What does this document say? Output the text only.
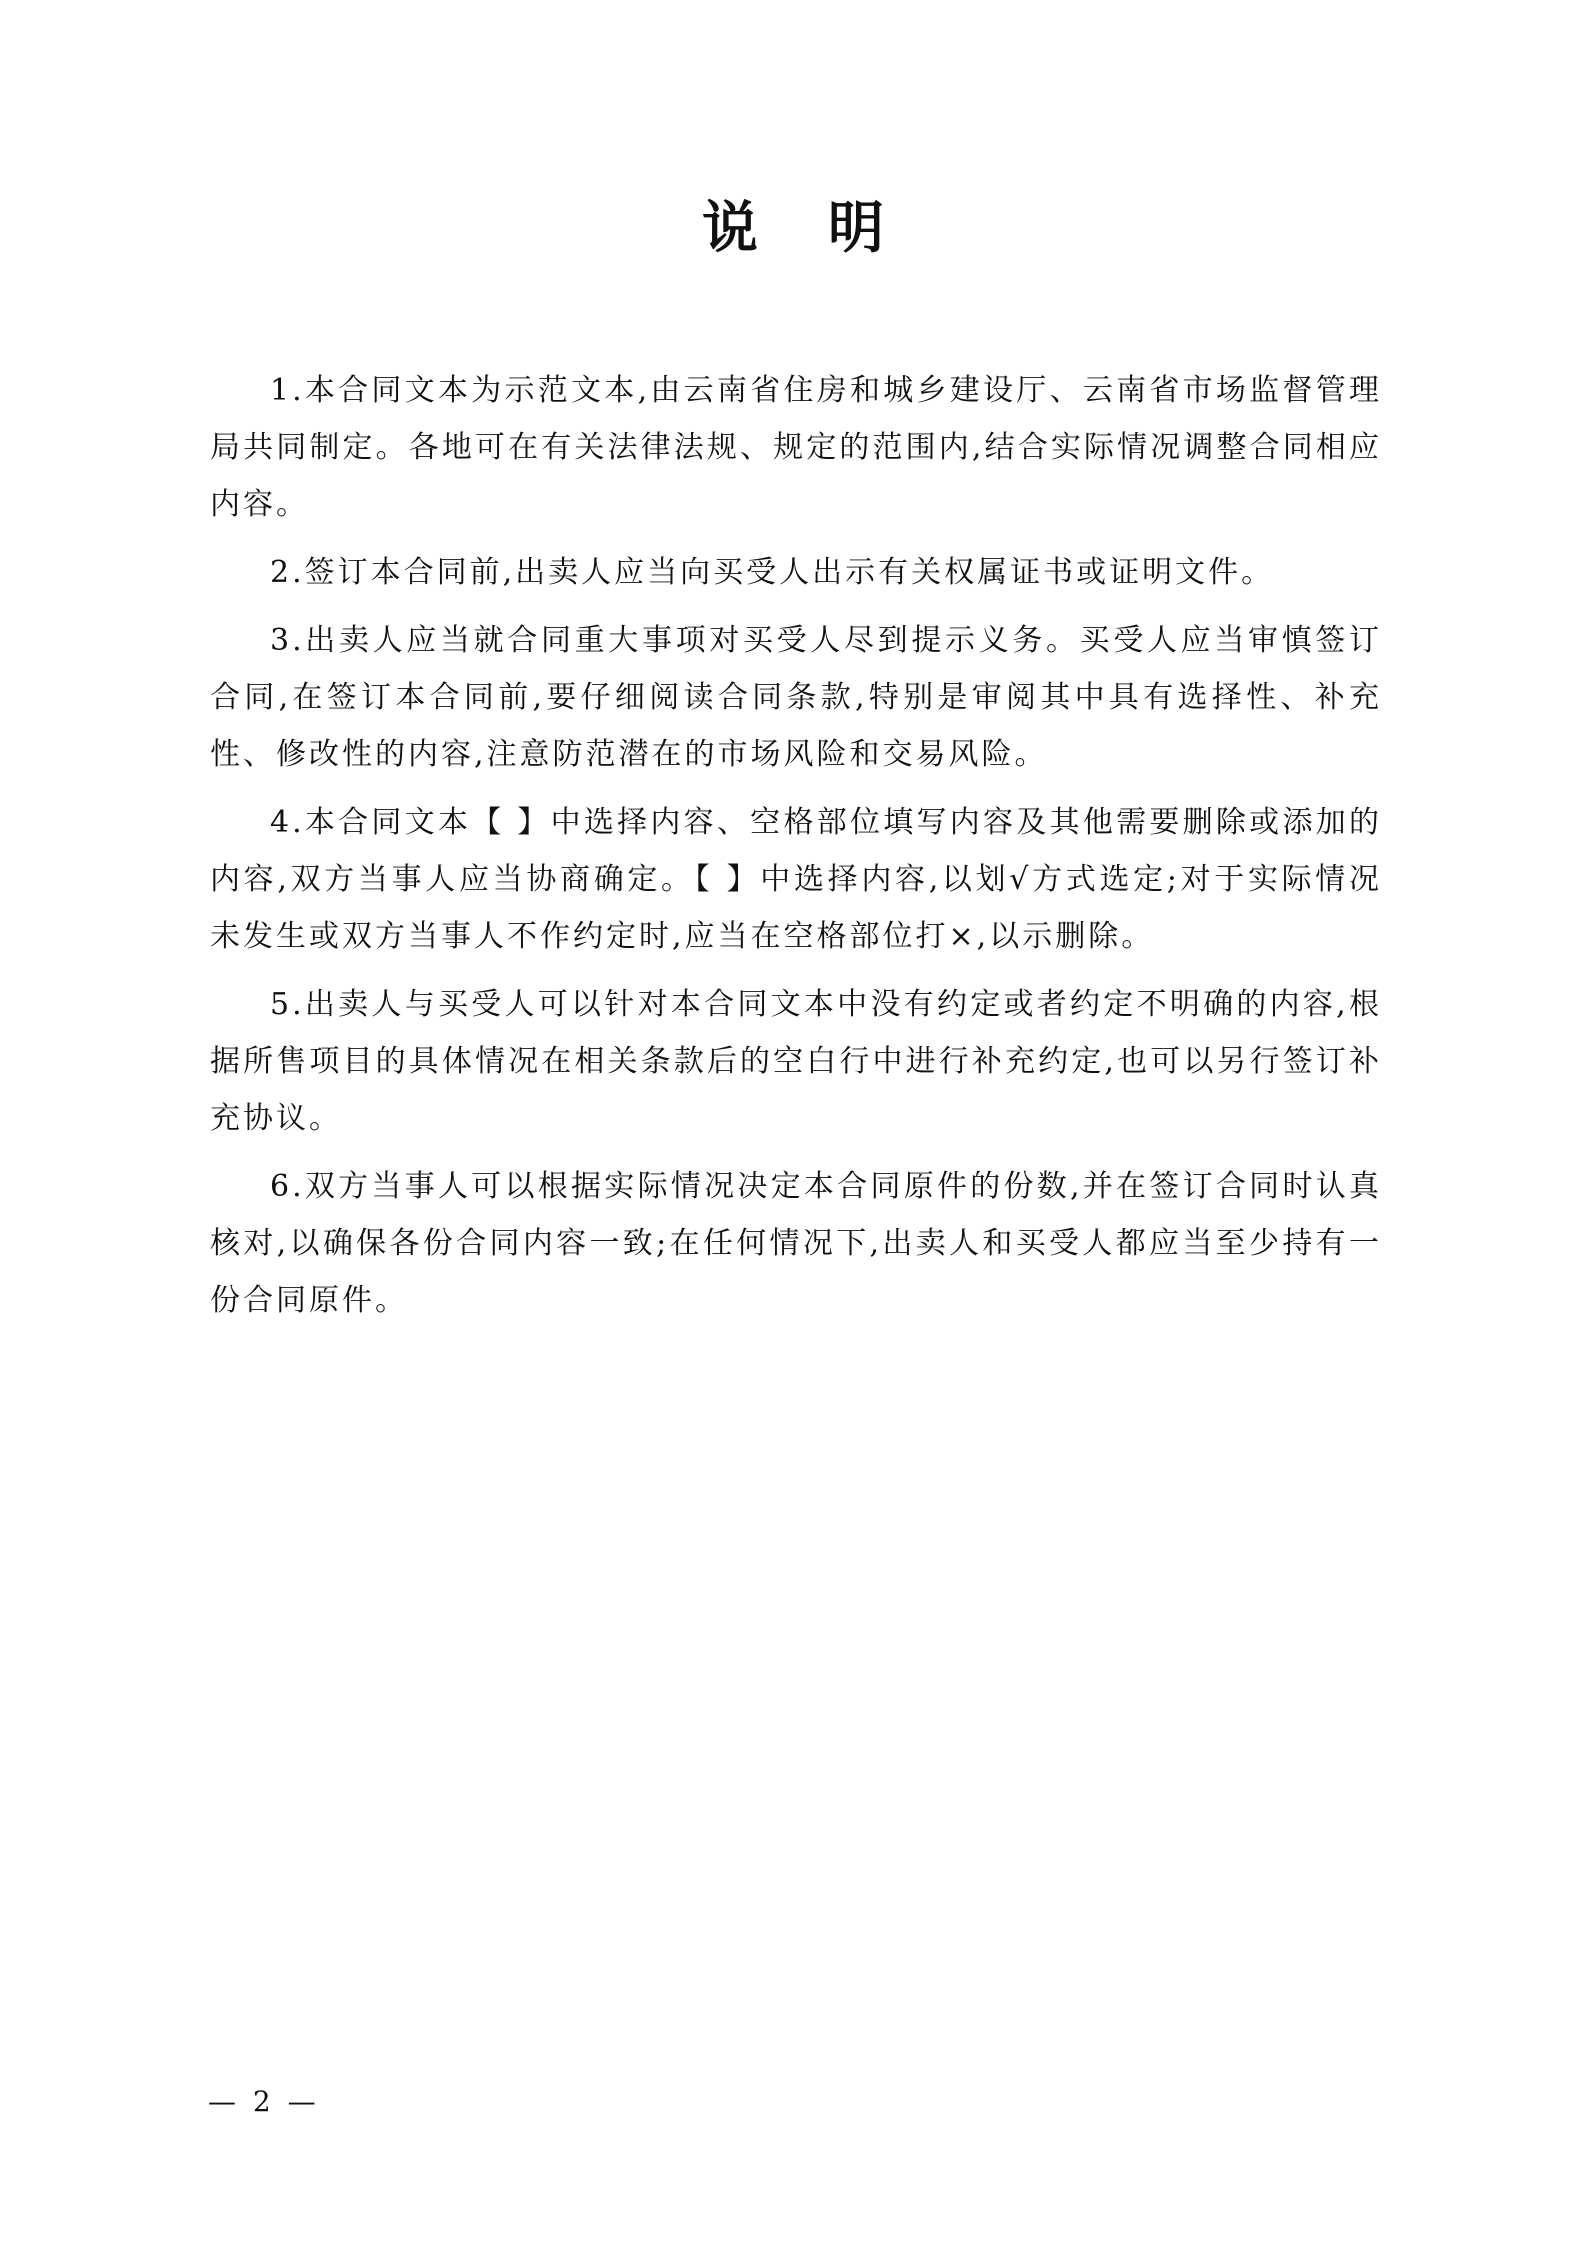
说明

1.本合同文本为示范文本,由云南省住房和城乡建设厅、云南省市场监督管理局共同制定。各地可在有关法律法规、规定的范围内,结合实际情况调整合同相应内容。

2.签订本合同前,出卖人应当向买受人出示有关权属证书或证明文件。

3.出卖人应当就合同重大事项对买受人尽到提示义务。买受人应当审慎签订合同,在签订本合同前,要仔细阅读合同条款,特别是审阅其中具有选择性、补充性、修改性的内容,注意防范潜在的市场风险和交易风险。

4.本合同文本【 】中选择内容、空格部位填写内容及其他需要删除或添加的内容,双方当事人应当协商确定。【 】中选择内容,以划√方式选定;对于实际情况未发生或双方当事人不作约定时,应当在空格部位打×,以示删除。

5.出卖人与买受人可以针对本合同文本中没有约定或者约定不明确的内容,根据所售项目的具体情况在相关条款后的空白行中进行补充约定,也可以另行签订补充协议。

6.双方当事人可以根据实际情况决定本合同原件的份数,并在签订合同时认真核对,以确保各份合同内容一致;在任何情况下,出卖人和买受人都应当至少持有一份合同原件。

— 2 —
